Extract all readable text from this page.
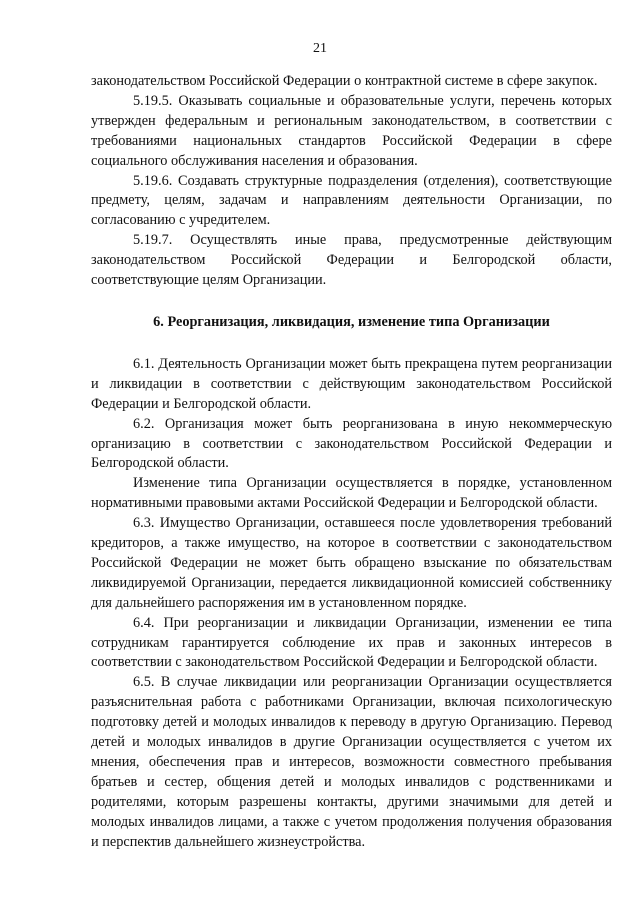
21

законодательством Российской Федерации о контрактной системе в сфере закупок.

5.19.5. Оказывать социальные и образовательные услуги, перечень которых утвержден федеральным и региональным законодательством, в соответствии с требованиями национальных стандартов Российской Федерации в сфере социального обслуживания населения и образования.

5.19.6. Создавать структурные подразделения (отделения), соответствующие предмету, целям, задачам и направлениям деятельности Организации, по согласованию с учредителем.

5.19.7. Осуществлять иные права, предусмотренные действующим законодательством Российской Федерации и Белгородской области, соответствующие целям Организации.

6. Реорганизация, ликвидация, изменение типа Организации

6.1. Деятельность Организации может быть прекращена путем реорганизации и ликвидации в соответствии с действующим законодательством Российской Федерации и Белгородской области.

6.2. Организация может быть реорганизована в иную некоммерческую организацию в соответствии с законодательством Российской Федерации и Белгородской области.

Изменение типа Организации осуществляется в порядке, установленном нормативными правовыми актами Российской Федерации и Белгородской области.

6.3. Имущество Организации, оставшееся после удовлетворения требований кредиторов, а также имущество, на которое в соответствии с законодательством Российской Федерации не может быть обращено взыскание по обязательствам ликвидируемой Организации, передается ликвидационной комиссией собственнику для дальнейшего распоряжения им в установленном порядке.

6.4. При реорганизации и ликвидации Организации, изменении ее типа сотрудникам гарантируется соблюдение их прав и законных интересов в соответствии с законодательством Российской Федерации и Белгородской области.

6.5. В случае ликвидации или реорганизации Организации осуществляется разъяснительная работа с работниками Организации, включая психологическую подготовку детей и молодых инвалидов к переводу в другую Организацию. Перевод детей и молодых инвалидов в другие Организации осуществляется с учетом их мнения, обеспечения прав и интересов, возможности совместного пребывания братьев и сестер, общения детей и молодых инвалидов с родственниками и родителями, которым разрешены контакты, другими значимыми для детей и молодых инвалидов лицами, а также с учетом продолжения получения образования и перспектив дальнейшего жизнеустройства.
